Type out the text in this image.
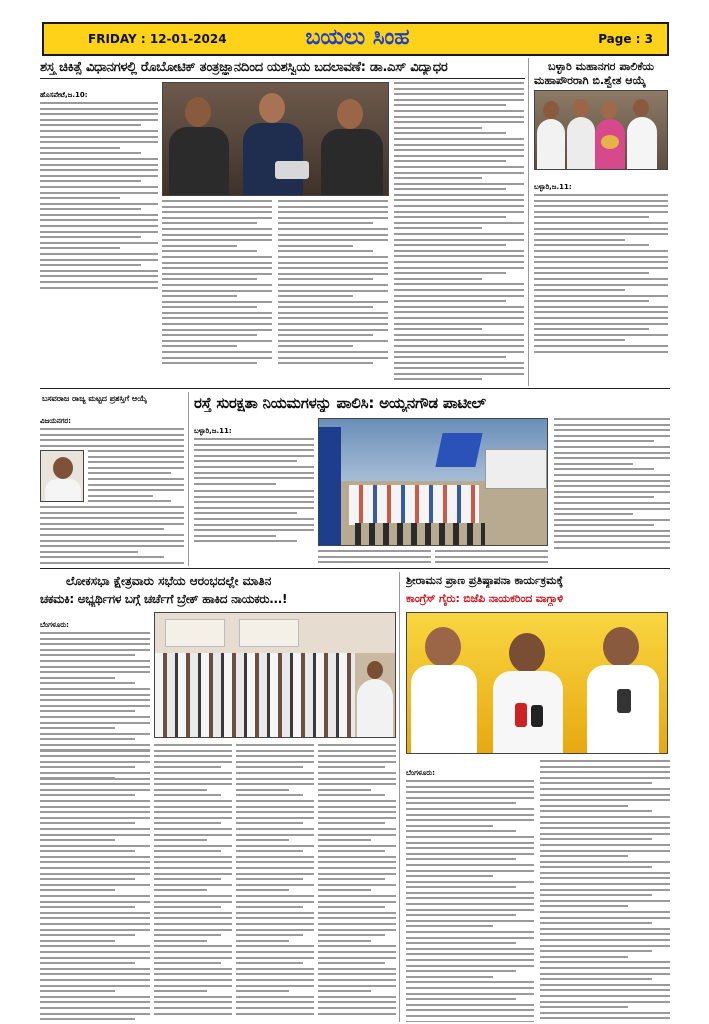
FRIDAY : 12-01-2024	ಬಯಲು ಸಿಂಹ	Page : 3
ಶಸ್ತ್ರ ಚಿಕಿತ್ಸೆ ವಿಧಾನಗಳಲ್ಲಿ ರೊಬೋಟಿಕ್ ತಂತ್ರಜ್ಞಾನದಿಂದ ಯಶಸ್ವಿಯ ಬದಲಾವಣೆ: ಡಾ.ಎಸ್ ವಿದ್ಯಾಧರ
ಹೊಸಪೇಟೆ,ಜ.10:
ಬಳ್ಳಾರಿ ಮಹಾನಗರ ಪಾಲಿಕೆಯ
ಮಹಾಪೌರರಾಗಿ ಬಿ.ಶ್ವೇತ ಆಯ್ಕೆ
ಬಳ್ಳಾರಿ,ಜ.11:
ಬಸವರಾಜ ರಾಜ್ಯ ಮಟ್ಟದ ಪ್ರಶಸ್ತಿಗೆ ಆಯ್ಕೆ
ವಿಜಯನಗರ:
ರಸ್ತೆ ಸುರಕ್ಷತಾ ನಿಯಮಗಳನ್ನು ಪಾಲಿಸಿ: ಅಯ್ಯನಗೌಡ ಪಾಟೀಲ್
ಬಳ್ಳಾರಿ,ಜ.11:
ಲೋಕಸಭಾ ಕ್ಷೇತ್ರವಾರು ಸಭೆಯ ಆರಂಭದಲ್ಲೇ ಮಾತಿನ
ಚಕಮಕಿ: ಅಭ್ಯರ್ಥಿಗಳ ಬಗ್ಗೆ ಚರ್ಚೆಗೆ ಬ್ರೇಕ್ ಹಾಕಿದ ನಾಯಕರು...!
ಬೆಂಗಳೂರು:
ಶ್ರೀರಾಮನ ಪ್ರಾಣ ಪ್ರತಿಷ್ಠಾಪನಾ ಕಾರ್ಯಕ್ರಮಕ್ಕೆ
ಕಾಂಗ್ರೆಸ್ ಗೈರು: ಬಿಜೆಪಿ ನಾಯಕರಿಂದ ವಾಗ್ದಾಳಿ
ಬೆಂಗಳೂರು:
